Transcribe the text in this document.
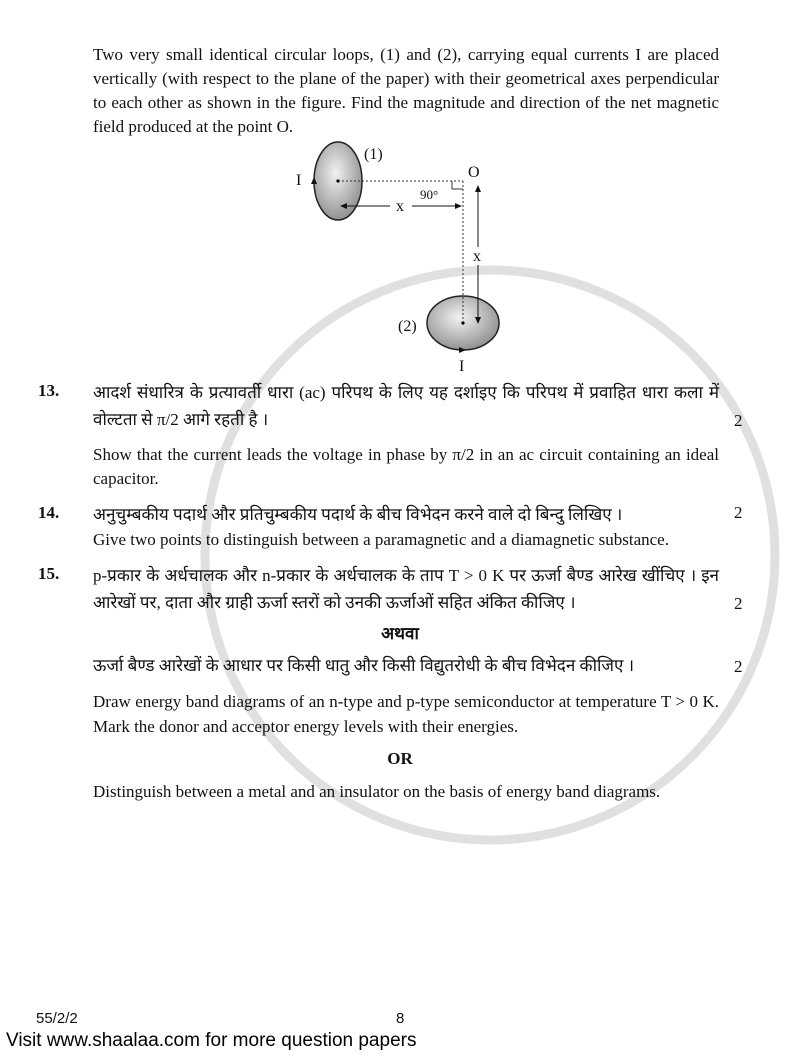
Two very small identical circular loops, (1) and (2), carrying equal currents I are placed vertically (with respect to the plane of the paper) with their geometrical axes perpendicular to each other as shown in the figure. Find the magnitude and direction of the net magnetic field produced at the point O.
(1)
I	O
90°
x
x
(2)
I
13.	आदर्श संधारित्र के प्रत्यावर्ती धारा (ac) परिपथ के लिए यह दर्शाइए कि परिपथ में प्रवाहित धारा कला में वोल्टता से π/2 आगे रहती है ।	2
Show that the current leads the voltage in phase by π/2 in an ac circuit containing an ideal capacitor.
14.	अनुचुम्बकीय पदार्थ और प्रतिचुम्बकीय पदार्थ के बीच विभेदन करने वाले दो बिन्दु लिखिए ।	2
Give two points to distinguish between a paramagnetic and a diamagnetic substance.
15.	p-प्रकार के अर्धचालक और n-प्रकार के अर्धचालक के ताप T > 0 K पर ऊर्जा बैण्ड आरेख खींचिए । इन आरेखों पर, दाता और ग्राही ऊर्जा स्तरों को उनकी ऊर्जाओं सहित अंकित कीजिए ।	2
अथवा
ऊर्जा बैण्ड आरेखों के आधार पर किसी धातु और किसी विद्युतरोधी के बीच विभेदन कीजिए ।	2
Draw energy band diagrams of an n-type and p-type semiconductor at temperature T > 0 K. Mark the donor and acceptor energy levels with their energies.
OR
Distinguish between a metal and an insulator on the basis of energy band diagrams.
55/2/2	8
Visit www.shaalaa.com for more question papers
